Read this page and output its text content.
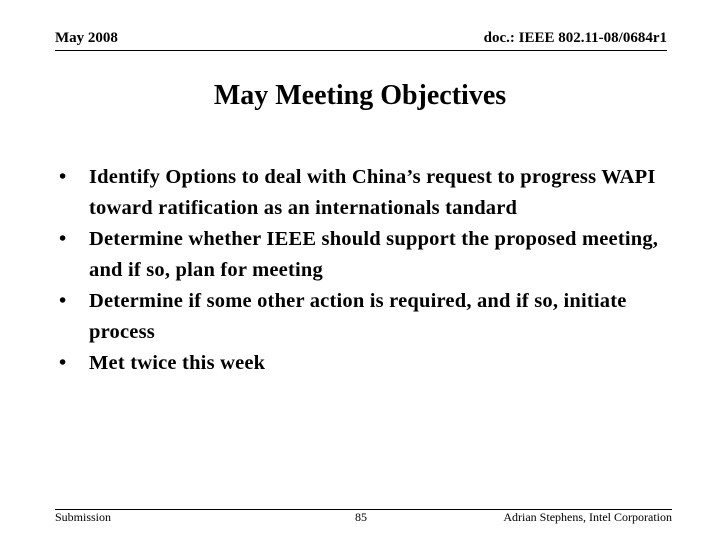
May 2008	doc.: IEEE 802.11-08/0684r1
May Meeting Objectives
• Identify Options to deal with China’s request to progress WAPI toward ratification as an internationals tandard
• Determine whether IEEE should support the proposed meeting, and if so, plan for meeting
• Determine if some other action is required, and if so, initiate process
• Met twice this week
Submission	85	Adrian Stephens, Intel Corporation
